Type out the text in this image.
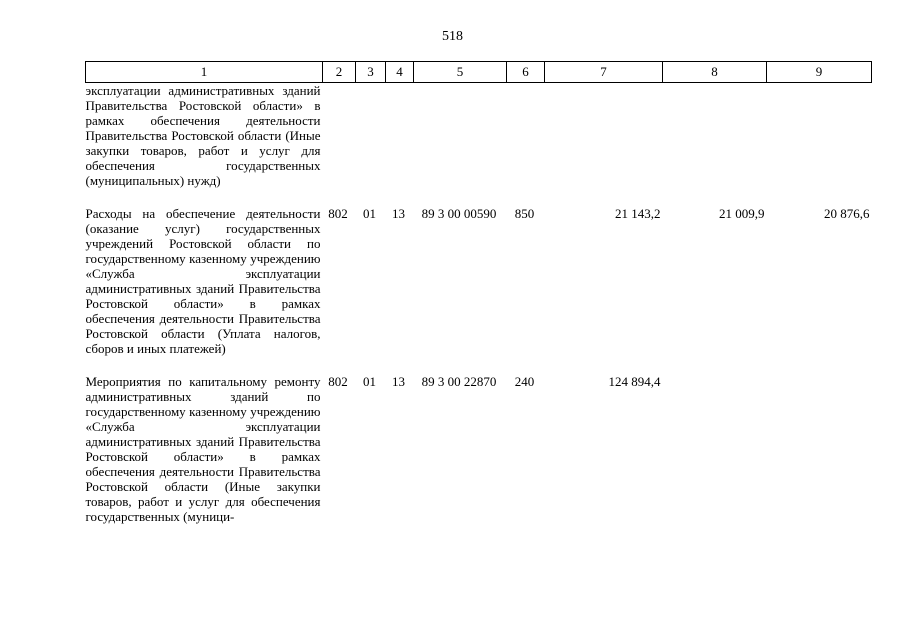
518
1	2	3	4	5	6	7	8	9
эксплуатации административных зданий Правительства Ростовской области» в рамках обеспечения деятельности Правительства Ростовской области (Иные закупки товаров, работ и услуг для обеспечения государственных (муниципальных) нужд)								
Расходы на обеспечение деятельности (оказание услуг) государственных учреждений Ростовской области по государственному казенному учреждению «Служба эксплуатации административных зданий Правительства Ростовской области» в рамках обеспечения деятельности Правительства Ростовской области (Уплата налогов, сборов и иных платежей)	802	01	13	89 3 00 00590	850	21 143,2	21 009,9	20 876,6
Мероприятия по капитальному ремонту административных зданий по государственному казенному учреждению «Служба эксплуатации административных зданий Правительства Ростовской области» в рамках обеспечения деятельности Правительства Ростовской области (Иные закупки товаров, работ и услуг для обеспечения государственных (муници-	802	01	13	89 3 00 22870	240	124 894,4		
